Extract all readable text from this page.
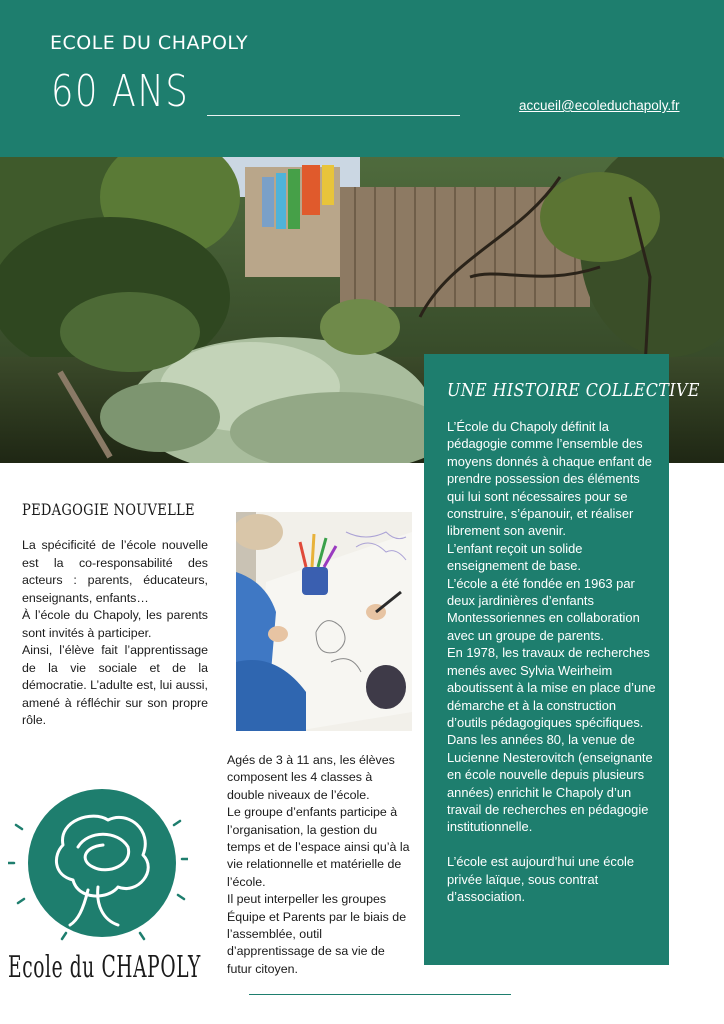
ECOLE DU CHAPOLY
60 ANS	accueil@ecoleduchapoly.fr
UNE HISTOIRE COLLECTIVE

L’École du Chapoly définit la pédagogie comme l’ensemble des moyens donnés à chaque enfant de prendre possession des éléments qui lui sont nécessaires pour se construire, s’épanouir, et réaliser librement son avenir.

L’enfant reçoit un solide enseignement de base.

L’école a été fondée en 1963 par deux jardinières d’enfants Montessoriennes en collaboration avec un groupe de parents.

En 1978, les travaux de recherches menés avec Sylvia Weirheim aboutissent à la mise en place d’une démarche et à la construction d’outils pédagogiques spécifiques.

Dans les années 80, la venue de Lucienne Nesterovitch (enseignante en école nouvelle depuis plusieurs années) enrichit le Chapoly d’un travail de recherches en pédagogie institutionnelle.

L’école est aujourd’hui une école privée laïque, sous contrat d’association.

PEDAGOGIE NOUVELLE

La spécificité de l’école nouvelle est la co-responsabilité des acteurs : parents, éducateurs, enseignants, enfants…

À l’école du Chapoly, les parents sont invités à participer.

Ainsi, l’élève fait l’apprentissage de la vie sociale et de la démocratie. L’adulte est, lui aussi, amené à réfléchir sur son propre rôle.

Agés de 3 à 11 ans, les élèves composent les 4 classes à double niveaux de l’école.

Le groupe d’enfants participe à l’organisation, la gestion du temps et de l’espace ainsi qu’à la vie relationnelle et matérielle de l’école.

Il peut interpeller les groupes Équipe et Parents par le biais de l’assemblée, outil d’apprentissage de sa vie de futur citoyen.

Ecole du CHAPOLY
